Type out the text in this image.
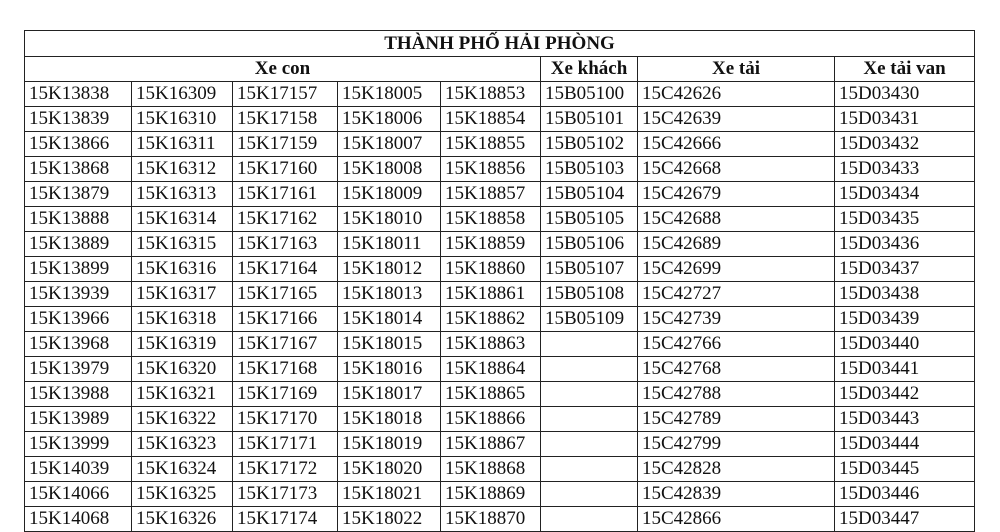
THÀNH PHỐ HẢI PHÒNG								
Xe con					Xe khách	Xe tải		Xe tải van
15K13838	15K16309	15K17157	15K18005	15K18853	15B05100	15C42626		15D03430
15K13839	15K16310	15K17158	15K18006	15K18854	15B05101	15C42639		15D03431
15K13866	15K16311	15K17159	15K18007	15K18855	15B05102	15C42666		15D03432
15K13868	15K16312	15K17160	15K18008	15K18856	15B05103	15C42668		15D03433
15K13879	15K16313	15K17161	15K18009	15K18857	15B05104	15C42679		15D03434
15K13888	15K16314	15K17162	15K18010	15K18858	15B05105	15C42688		15D03435
15K13889	15K16315	15K17163	15K18011	15K18859	15B05106	15C42689		15D03436
15K13899	15K16316	15K17164	15K18012	15K18860	15B05107	15C42699		15D03437
15K13939	15K16317	15K17165	15K18013	15K18861	15B05108	15C42727		15D03438
15K13966	15K16318	15K17166	15K18014	15K18862	15B05109	15C42739		15D03439
15K13968	15K16319	15K17167	15K18015	15K18863		15C42766		15D03440
15K13979	15K16320	15K17168	15K18016	15K18864		15C42768		15D03441
15K13988	15K16321	15K17169	15K18017	15K18865		15C42788		15D03442
15K13989	15K16322	15K17170	15K18018	15K18866		15C42789		15D03443
15K13999	15K16323	15K17171	15K18019	15K18867		15C42799		15D03444
15K14039	15K16324	15K17172	15K18020	15K18868		15C42828		15D03445
15K14066	15K16325	15K17173	15K18021	15K18869		15C42839		15D03446
15K14068	15K16326	15K17174	15K18022	15K18870		15C42866		15D03447
